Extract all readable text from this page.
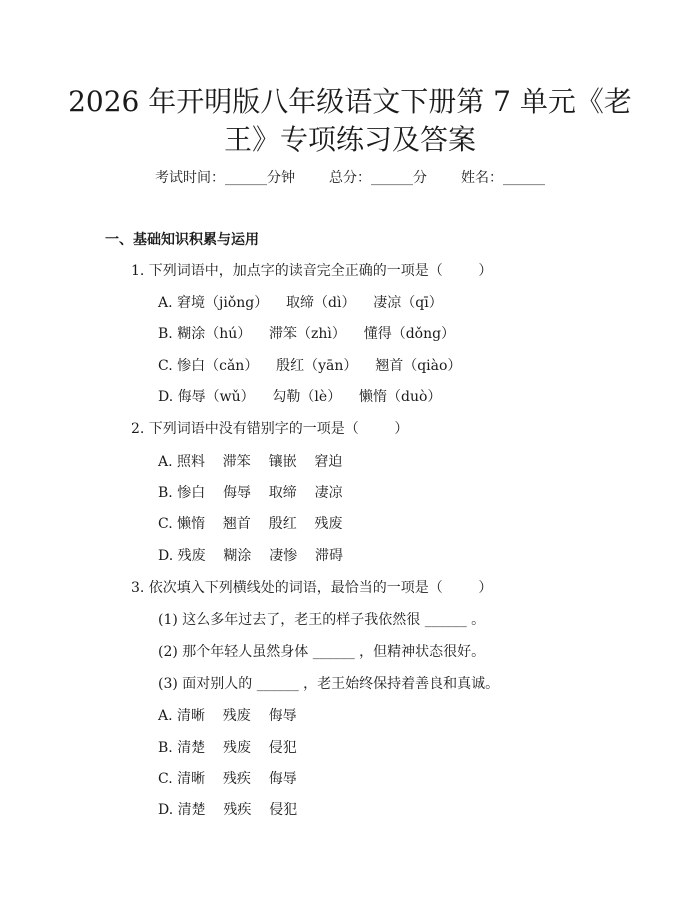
2026 年开明版八年级语文下册第 7 单元《老
王》专项练习及答案
考试时间：______分钟 总分：______分 姓名：______
一、基础知识积累与运用
1. 下列词语中，加点字的读音完全正确的一项是（        ）
A. 窘境（jiǒng）    取缔（dì）    凄凉（qī）
B. 糊涂（hú）    滞笨（zhì）    懂得（dǒng）
C. 惨白（cǎn）    殷红（yān）    翘首（qiào）
D. 侮辱（wǔ）    勾勒（lè）    懒惰（duò）
2. 下列词语中没有错别字的一项是（        ）
A. 照料    滞笨    镶嵌    窘迫
B. 惨白    侮辱    取缔    凄凉
C. 懒惰    翘首    殷红    残废
D. 残废    糊涂    凄惨    滞碍
3. 依次填入下列横线处的词语，最恰当的一项是（        ）
(1) 这么多年过去了，老王的样子我依然很 ______ 。
(2) 那个年轻人虽然身体 ______ ，但精神状态很好。
(3) 面对别人的 ______ ，老王始终保持着善良和真诚。
A. 清晰    残废    侮辱
B. 清楚    残废    侵犯
C. 清晰    残疾    侮辱
D. 清楚    残疾    侵犯
